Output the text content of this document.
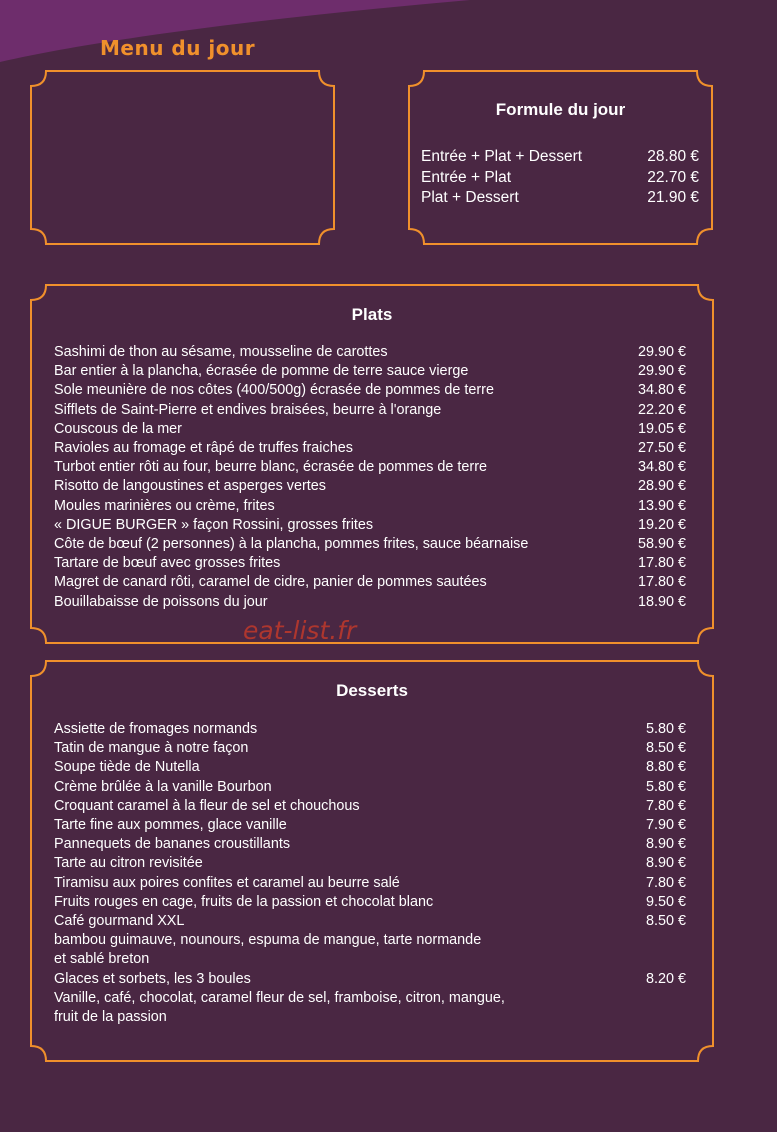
Menu du jour
Formule du jour
Entrée + Plat + Dessert	28.80 €
Entrée + Plat	22.70 €
Plat + Dessert	21.90 €
Plats
Sashimi de thon au sésame, mousseline de carottes	29.90 €
Bar entier à la plancha, écrasée de pomme de terre sauce vierge	29.90 €
Sole meunière de nos côtes (400/500g) écrasée de pommes de terre	34.80 €
Sifflets de Saint-Pierre et endives braisées, beurre à l'orange	22.20 €
Couscous de la mer	19.05 €
Ravioles au fromage et râpé de truffes fraiches	27.50 €
Turbot entier rôti au four, beurre blanc, écrasée de pommes de terre	34.80 €
Risotto de langoustines et asperges vertes	28.90 €
Moules marinières ou crème, frites	13.90 €
« DIGUE BURGER » façon Rossini, grosses frites	19.20 €
Côte de bœuf (2 personnes) à la plancha, pommes frites, sauce béarnaise	58.90 €
Tartare de bœuf avec grosses frites	17.80 €
Magret de canard rôti, caramel de cidre, panier de pommes sautées	17.80 €
Bouillabaisse de poissons du jour	18.90 €
eat-list.fr
Desserts
Assiette de fromages normands	5.80 €
Tatin de mangue à notre façon	8.50 €
Soupe tiède de Nutella	8.80 €
Crème brûlée à la vanille Bourbon	5.80 €
Croquant caramel à la fleur de sel et chouchous	7.80 €
Tarte fine aux pommes, glace vanille	7.90 €
Pannequets de bananes croustillants	8.90 €
Tarte au citron revisitée	8.90 €
Tiramisu aux poires confites et caramel au beurre salé	7.80 €
Fruits rouges en cage, fruits de la passion et chocolat blanc	9.50 €
Café gourmand XXL	8.50 €
bambou guimauve, nounours, espuma de mangue, tarte normande
et sablé breton
Glaces et sorbets, les 3 boules	8.20 €
Vanille, café, chocolat, caramel fleur de sel, framboise, citron, mangue,
fruit de la passion
